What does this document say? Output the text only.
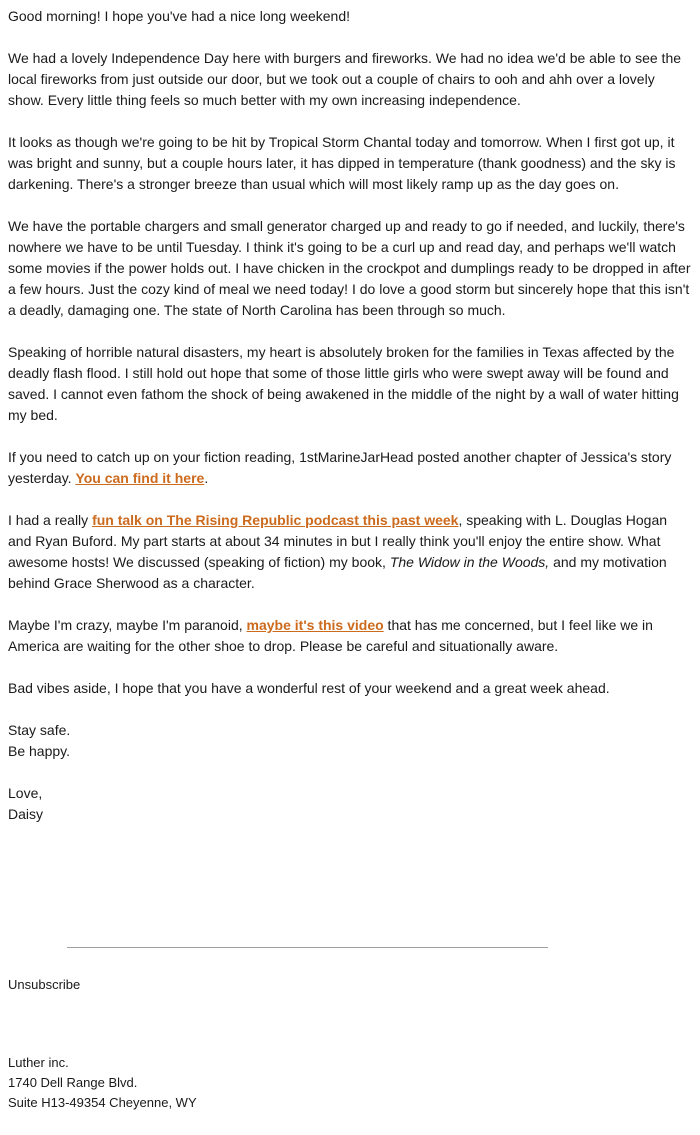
Good morning! I hope you've had a nice long weekend!

We had a lovely Independence Day here with burgers and fireworks. We had no idea we'd be able to see the local fireworks from just outside our door, but we took out a couple of chairs to ooh and ahh over a lovely show. Every little thing feels so much better with my own increasing independence.

It looks as though we're going to be hit by Tropical Storm Chantal today and tomorrow. When I first got up, it was bright and sunny, but a couple hours later, it has dipped in temperature (thank goodness) and the sky is darkening. There's a stronger breeze than usual which will most likely ramp up as the day goes on.

We have the portable chargers and small generator charged up and ready to go if needed, and luckily, there's nowhere we have to be until Tuesday. I think it's going to be a curl up and read day, and perhaps we'll watch some movies if the power holds out. I have chicken in the crockpot and dumplings ready to be dropped in after a few hours. Just the cozy kind of meal we need today! I do love a good storm but sincerely hope that this isn't a deadly, damaging one. The state of North Carolina has been through so much.

Speaking of horrible natural disasters, my heart is absolutely broken for the families in Texas affected by the deadly flash flood. I still hold out hope that some of those little girls who were swept away will be found and saved. I cannot even fathom the shock of being awakened in the middle of the night by a wall of water hitting my bed.

If you need to catch up on your fiction reading, 1stMarineJarHead posted another chapter of Jessica's story yesterday. You can find it here.

I had a really fun talk on The Rising Republic podcast this past week, speaking with L. Douglas Hogan and Ryan Buford. My part starts at about 34 minutes in but I really think you'll enjoy the entire show. What awesome hosts! We discussed (speaking of fiction) my book, The Widow in the Woods, and my motivation behind Grace Sherwood as a character.

Maybe I'm crazy, maybe I'm paranoid, maybe it's this video that has me concerned, but I feel like we in America are waiting for the other shoe to drop. Please be careful and situationally aware.

Bad vibes aside, I hope that you have a wonderful rest of your weekend and a great week ahead.

Stay safe.

Be happy.

Love,

Daisy

Unsubscribe
Luther inc.
1740 Dell Range Blvd.
Suite H13-49354 Cheyenne, WY
